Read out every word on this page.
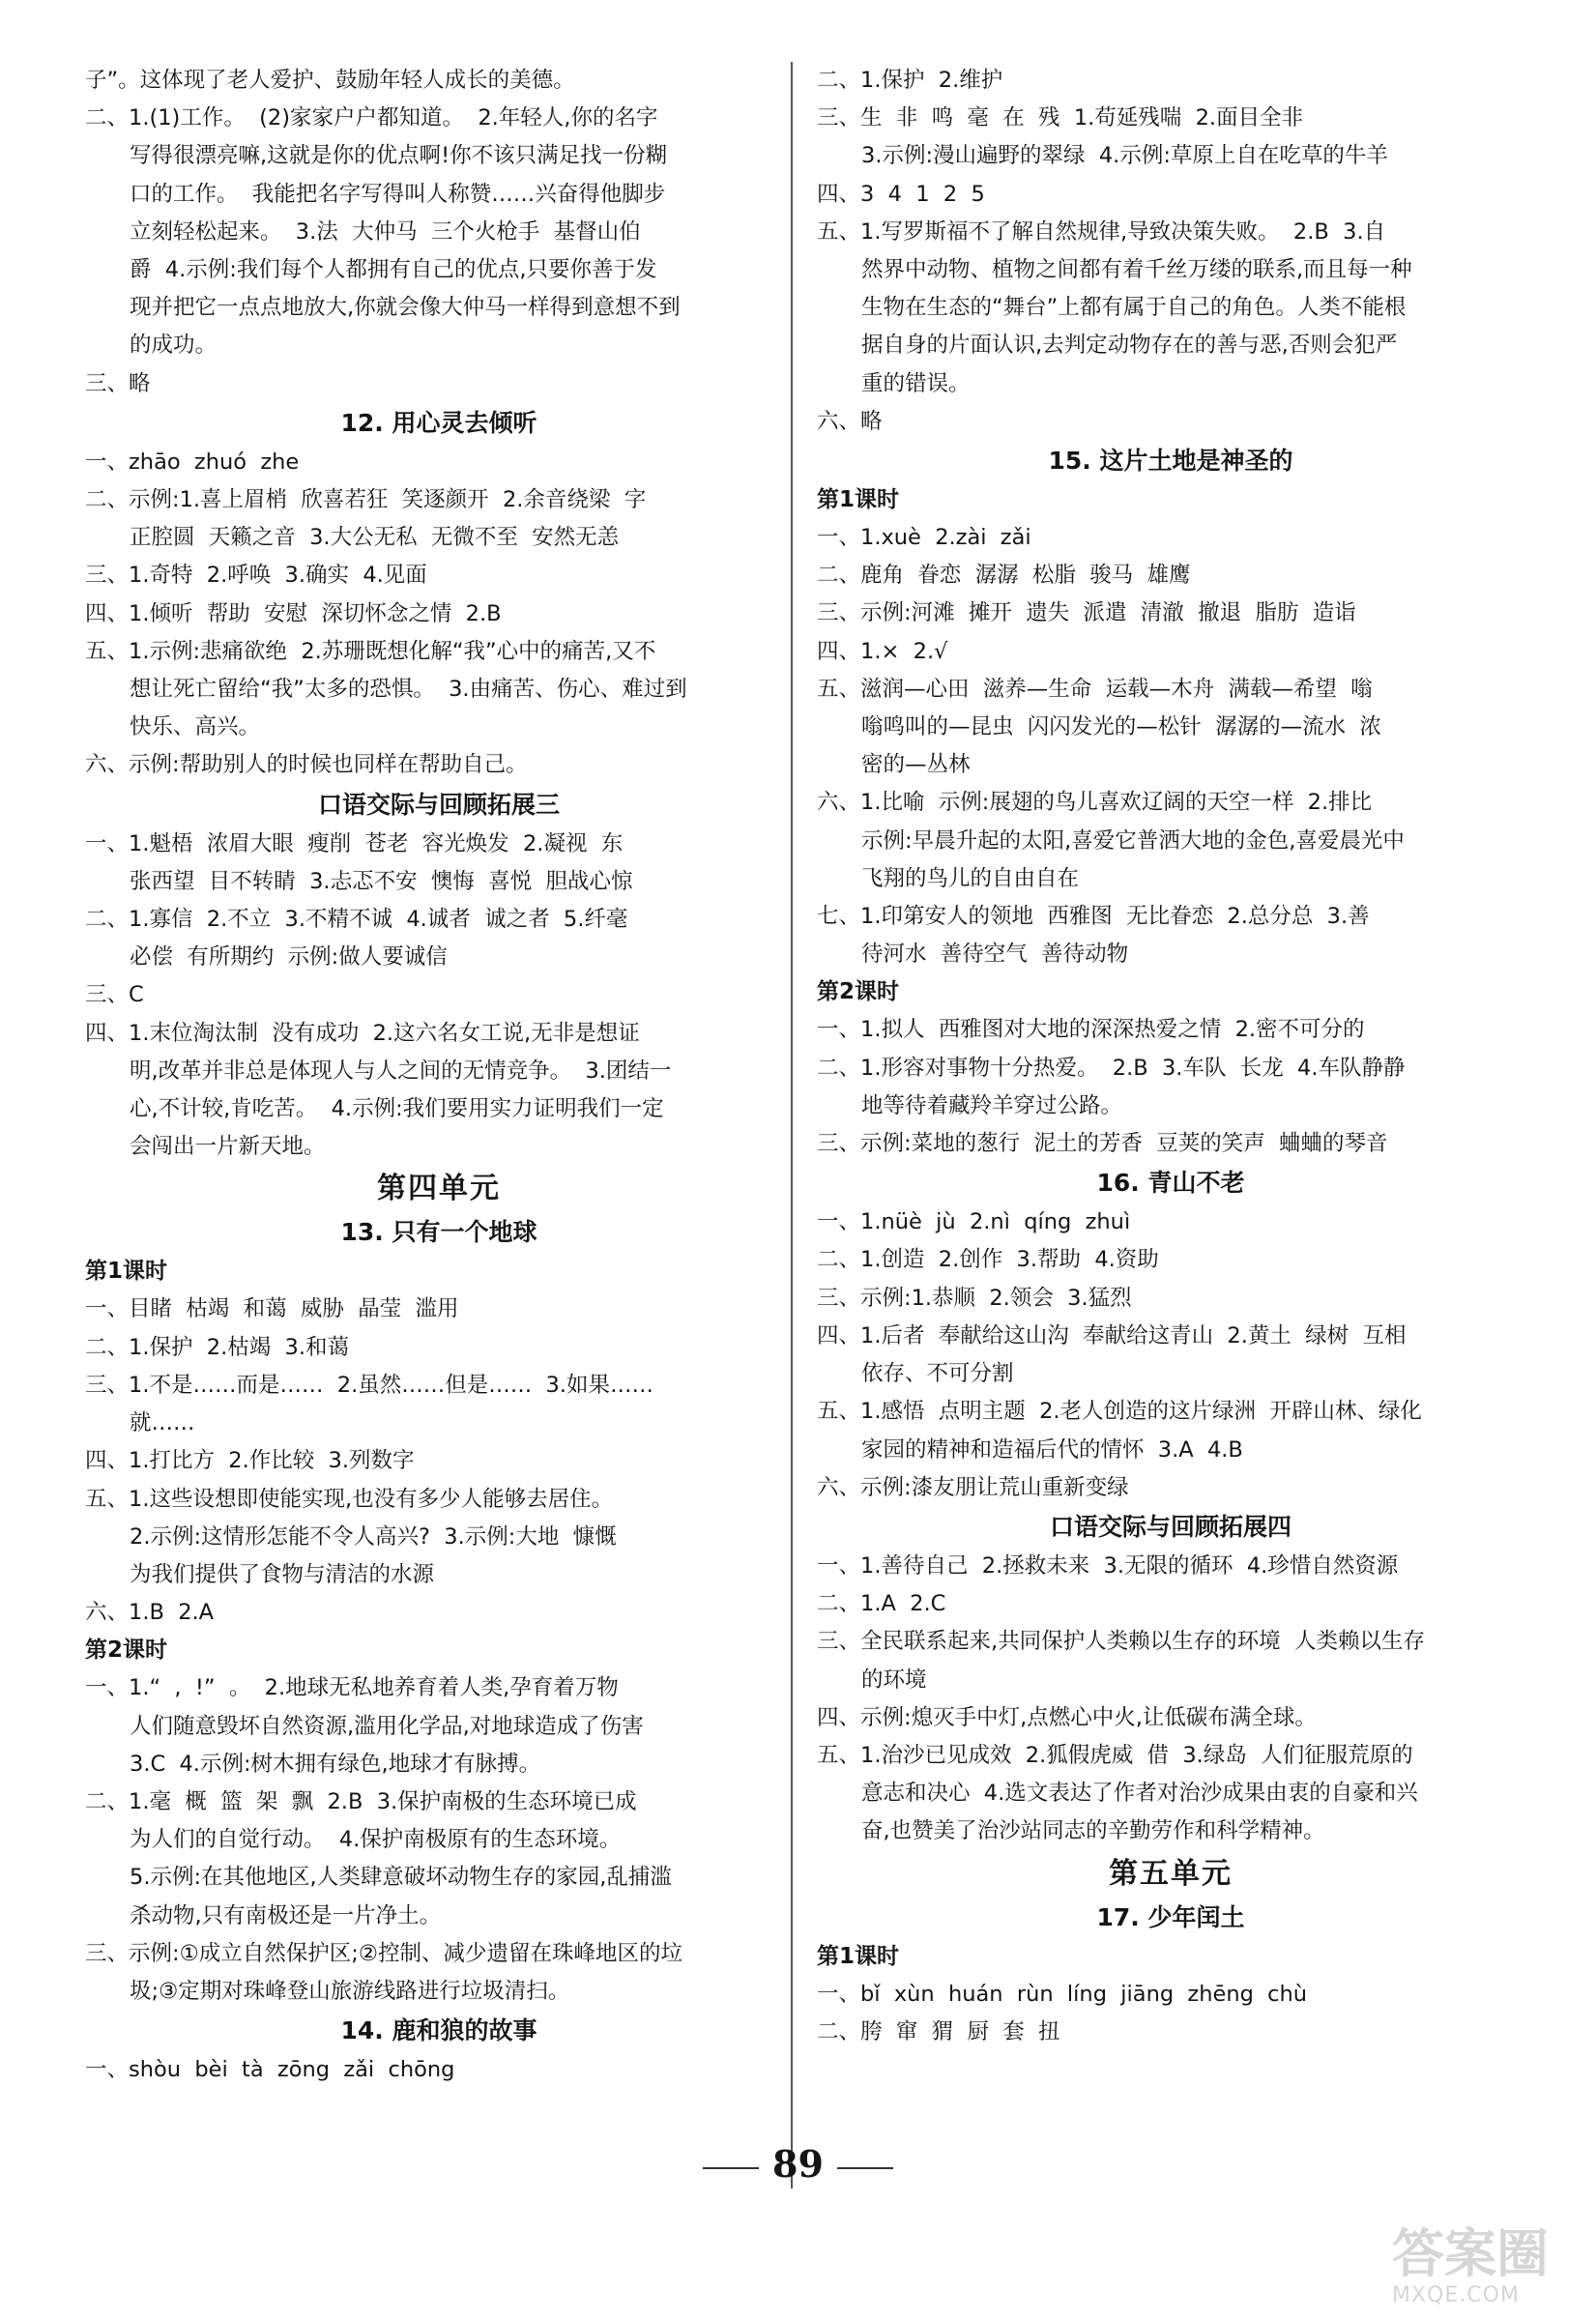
子”。这体现了老人爱护、鼓励年轻人成长的美德。
二、1.(1)工作。  (2)家家户户都知道。  2.年轻人,你的名字
写得很漂亮嘛,这就是你的优点啊!你不该只满足找一份糊
口的工作。  我能把名字写得叫人称赞……兴奋得他脚步
立刻轻松起来。  3.法  大仲马  三个火枪手  基督山伯
爵  4.示例:我们每个人都拥有自己的优点,只要你善于发
现并把它一点点地放大,你就会像大仲马一样得到意想不到
的成功。
三、略
12. 用心灵去倾听
一、zhāo  zhuó  zhe
二、示例:1.喜上眉梢  欣喜若狂  笑逐颜开  2.余音绕梁  字
正腔圆  天籁之音  3.大公无私  无微不至  安然无恙
三、1.奇特  2.呼唤  3.确实  4.见面
四、1.倾听  帮助  安慰  深切怀念之情  2.B
五、1.示例:悲痛欲绝  2.苏珊既想化解“我”心中的痛苦,又不
想让死亡留给“我”太多的恐惧。  3.由痛苦、伤心、难过到
快乐、高兴。
六、示例:帮助别人的时候也同样在帮助自己。
口语交际与回顾拓展三
一、1.魁梧  浓眉大眼  瘦削  苍老  容光焕发  2.凝视  东
张西望  目不转睛  3.忐忑不安  懊悔  喜悦  胆战心惊
二、1.寡信  2.不立  3.不精不诚  4.诚者  诚之者  5.纤毫
必偿  有所期约  示例:做人要诚信
三、C
四、1.末位淘汰制  没有成功  2.这六名女工说,无非是想证
明,改革并非总是体现人与人之间的无情竞争。  3.团结一
心,不计较,肯吃苦。  4.示例:我们要用实力证明我们一定
会闯出一片新天地。
第四单元
13. 只有一个地球
第1课时
一、目睹  枯竭  和蔼  威胁  晶莹  滥用
二、1.保护  2.枯竭  3.和蔼
三、1.不是……而是……  2.虽然……但是……  3.如果……
就……
四、1.打比方  2.作比较  3.列数字
五、1.这些设想即使能实现,也没有多少人能够去居住。
2.示例:这情形怎能不令人高兴?  3.示例:大地  慷慨
为我们提供了食物与清洁的水源
六、1.B  2.A
第2课时
一、1.“  ,  !”  。  2.地球无私地养育着人类,孕育着万物
人们随意毁坏自然资源,滥用化学品,对地球造成了伤害
3.C  4.示例:树木拥有绿色,地球才有脉搏。
二、1.毫  概  篮  架  飘  2.B  3.保护南极的生态环境已成
为人们的自觉行动。  4.保护南极原有的生态环境。
5.示例:在其他地区,人类肆意破坏动物生存的家园,乱捕滥
杀动物,只有南极还是一片净土。
三、示例:①成立自然保护区;②控制、减少遗留在珠峰地区的垃
圾;③定期对珠峰登山旅游线路进行垃圾清扫。
14. 鹿和狼的故事
一、shòu  bèi  tà  zōng  zǎi  chōng
二、1.保护  2.维护
三、生  非  鸣  毫  在  残  1.苟延残喘  2.面目全非
3.示例:漫山遍野的翠绿  4.示例:草原上自在吃草的牛羊
四、3  4  1  2  5
五、1.写罗斯福不了解自然规律,导致决策失败。  2.B  3.自
然界中动物、植物之间都有着千丝万缕的联系,而且每一种
生物在生态的“舞台”上都有属于自己的角色。人类不能根
据自身的片面认识,去判定动物存在的善与恶,否则会犯严
重的错误。
六、略
15. 这片土地是神圣的
第1课时
一、1.xuè  2.zài  zǎi
二、鹿角  眷恋  潺潺  松脂  骏马  雄鹰
三、示例:河滩  摊开  遗失  派遣  清澈  撤退  脂肪  造诣
四、1.×  2.√
五、滋润—心田  滋养—生命  运载—木舟  满载—希望  嗡
嗡鸣叫的—昆虫  闪闪发光的—松针  潺潺的—流水  浓
密的—丛林
六、1.比喻  示例:展翅的鸟儿喜欢辽阔的天空一样  2.排比
示例:早晨升起的太阳,喜爱它普洒大地的金色,喜爱晨光中
飞翔的鸟儿的自由自在
七、1.印第安人的领地  西雅图  无比眷恋  2.总分总  3.善
待河水  善待空气  善待动物
第2课时
一、1.拟人  西雅图对大地的深深热爱之情  2.密不可分的
二、1.形容对事物十分热爱。  2.B  3.车队  长龙  4.车队静静
地等待着藏羚羊穿过公路。
三、示例:菜地的葱行  泥土的芳香  豆荚的笑声  蛐蛐的琴音
16. 青山不老
一、1.nüè  jù  2.nì  qíng  zhuì
二、1.创造  2.创作  3.帮助  4.资助
三、示例:1.恭顺  2.领会  3.猛烈
四、1.后者  奉献给这山沟  奉献给这青山  2.黄土  绿树  互相
依存、不可分割
五、1.感悟  点明主题  2.老人创造的这片绿洲  开辟山林、绿化
家园的精神和造福后代的情怀  3.A  4.B
六、示例:漆友朋让荒山重新变绿
口语交际与回顾拓展四
一、1.善待自己  2.拯救未来  3.无限的循环  4.珍惜自然资源
二、1.A  2.C
三、全民联系起来,共同保护人类赖以生存的环境  人类赖以生存
的环境
四、示例:熄灭手中灯,点燃心中火,让低碳布满全球。
五、1.治沙已见成效  2.狐假虎威  借  3.绿岛  人们征服荒原的
意志和决心  4.选文表达了作者对治沙成果由衷的自豪和兴
奋,也赞美了治沙站同志的辛勤劳作和科学精神。
第五单元
17. 少年闰土
第1课时
一、bǐ  xùn  huán  rùn  líng  jiāng  zhēng  chù
二、胯  窜  猬  厨  套  扭
89
答案圈
MXQE.COM
